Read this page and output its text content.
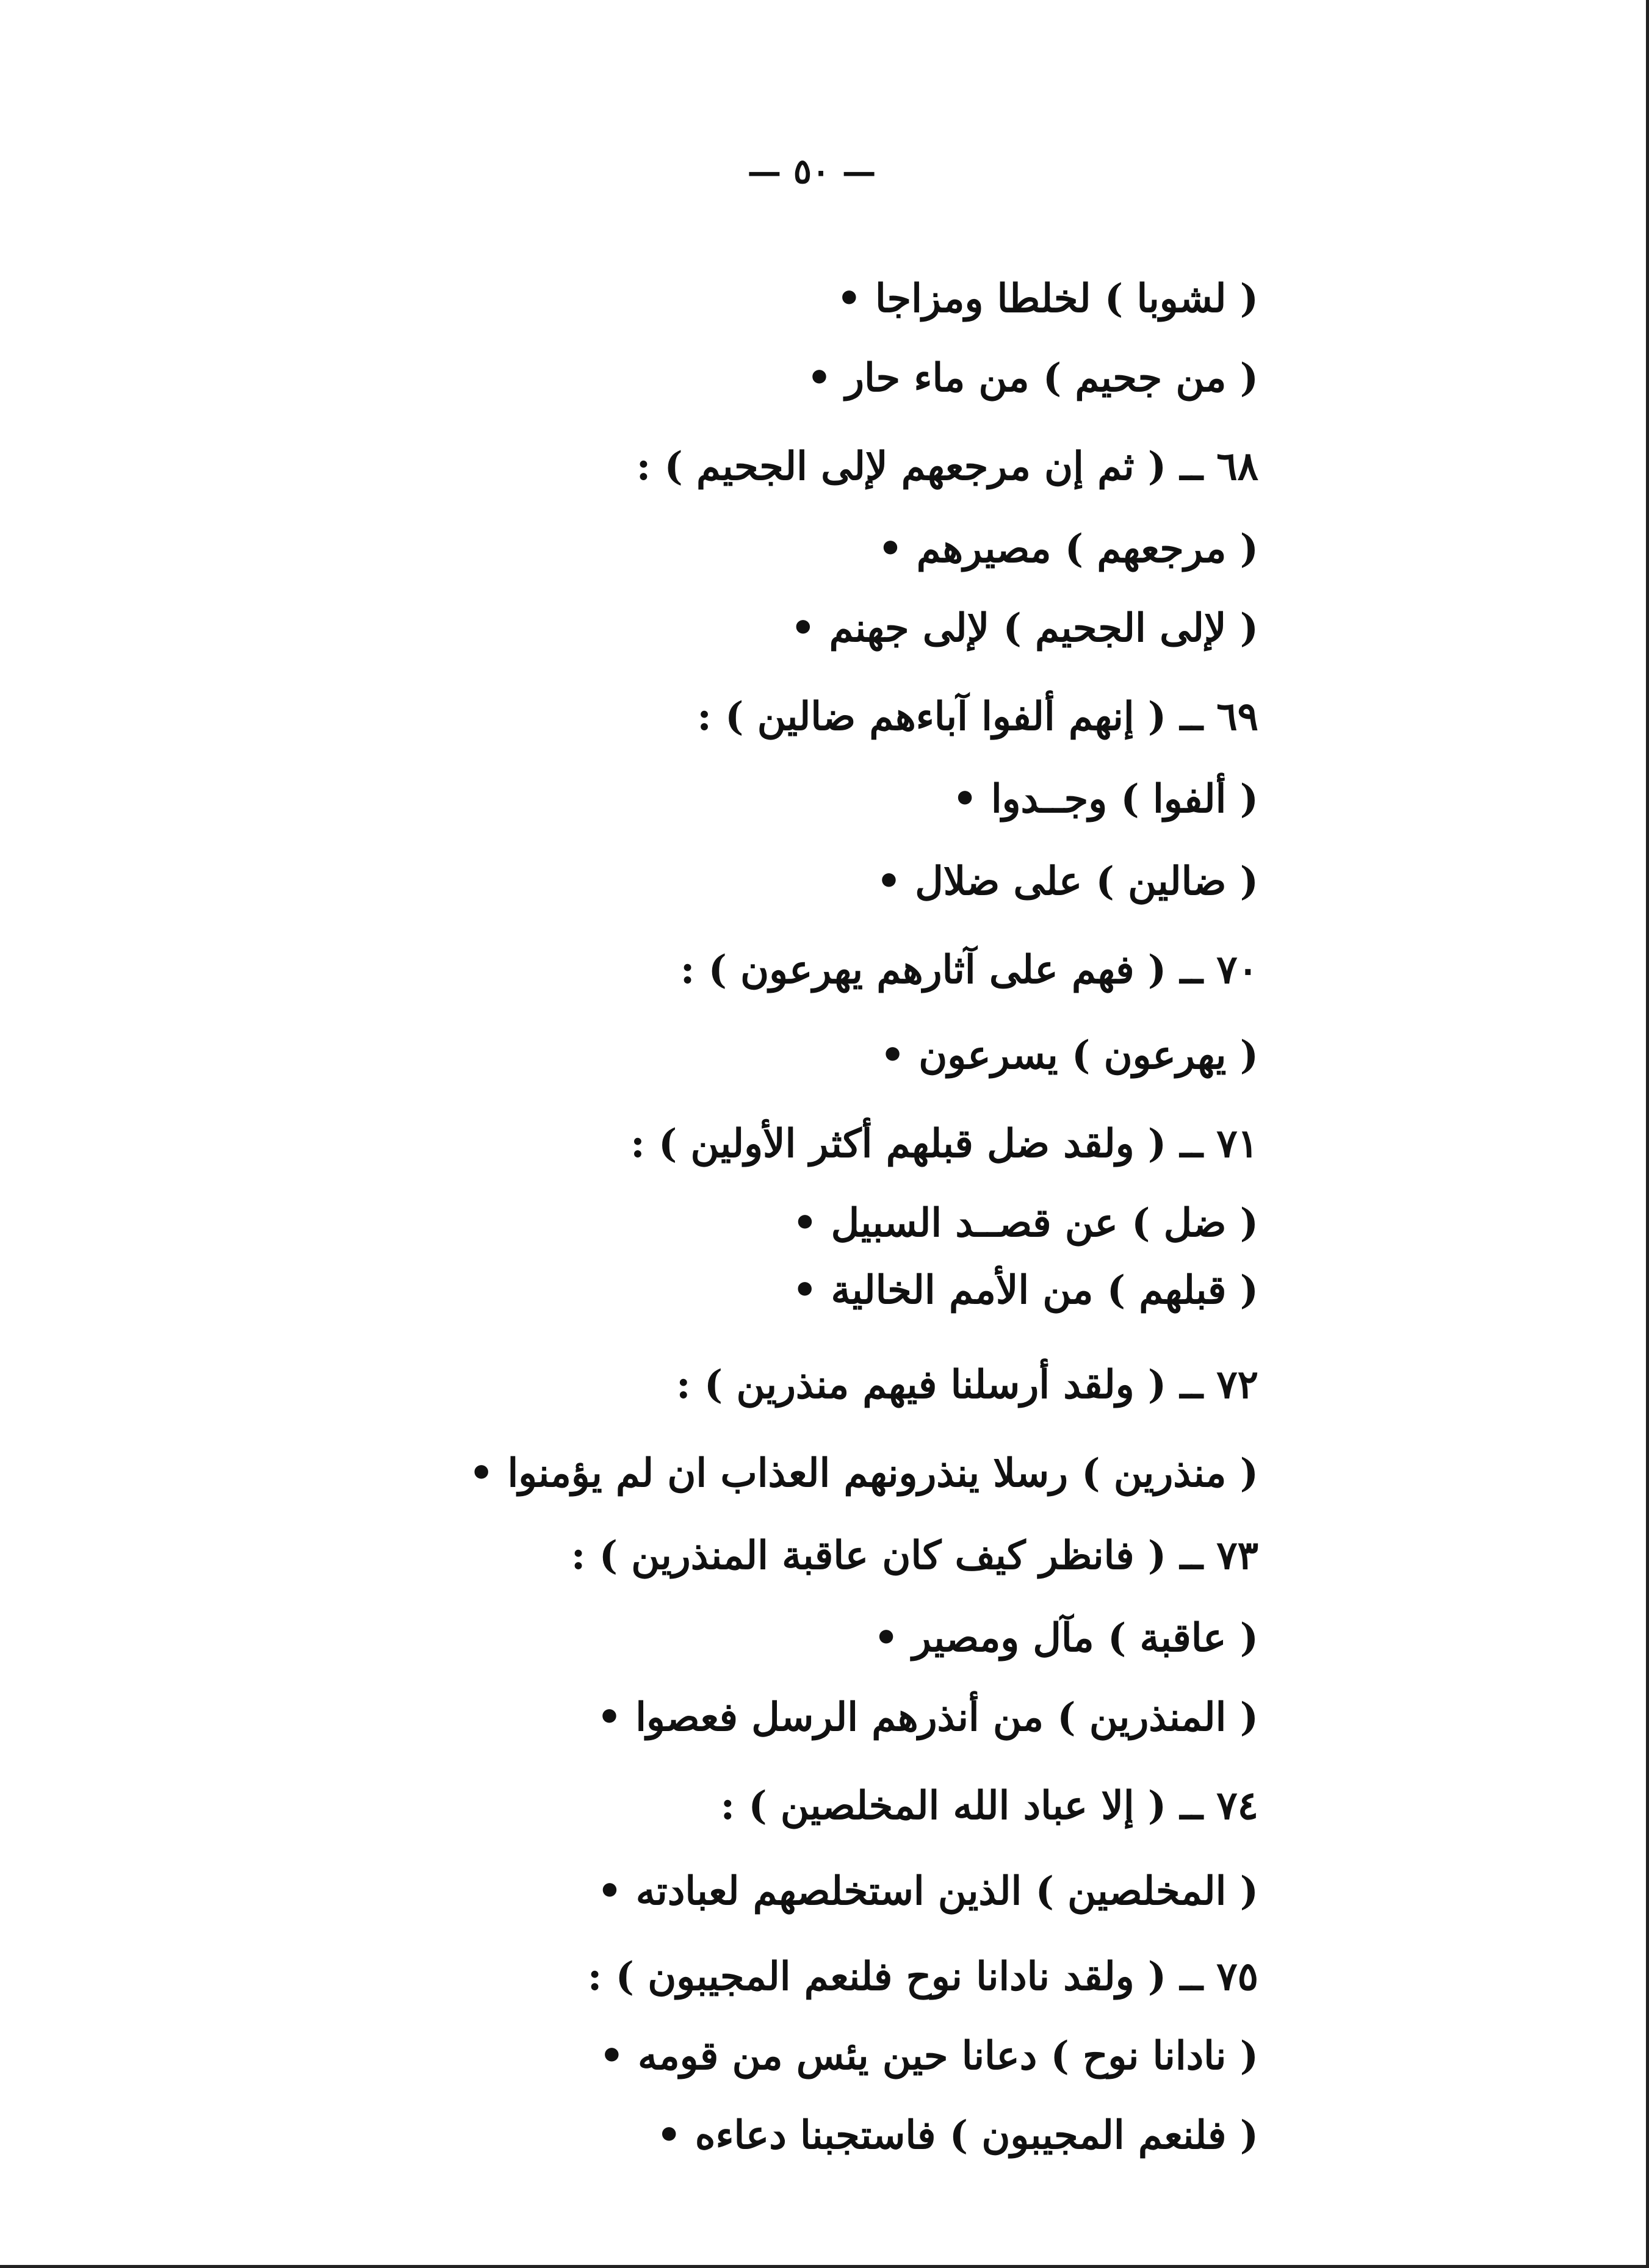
— ٥٠ —
( لشوبا ) لخلطا ومزاجا •
( من جحيم ) من ماء حار •
٦٨ ــ ( ثم إن مرجعهم لإلى الجحيم ) :
( مرجعهم ) مصيرهم •
( لإلى الجحيم ) لإلى جهنم •
٦٩ ــ ( إنهم ألفوا آباءهم ضالين ) :
( ألفوا ) وجــدوا •
( ضالين ) على ضلال •
٧٠ ــ ( فهم على آثارهم يهرعون ) :
( يهرعون ) يسرعون •
٧١ ــ ( ولقد ضل قبلهم أكثر الأولين ) :
( ضل ) عن قصــد السبيل •
( قبلهم ) من الأمم الخالية •
٧٢ ــ ( ولقد أرسلنا فيهم منذرين ) :
( منذرين ) رسلا ينذرونهم العذاب ان لم يؤمنوا •
٧٣ ــ ( فانظر كيف كان عاقبة المنذرين ) :
( عاقبة ) مآل ومصير •
( المنذرين ) من أنذرهم الرسل فعصوا •
٧٤ ــ ( إلا عباد الله المخلصين ) :
( المخلصين ) الذين استخلصهم لعبادته •
٧٥ ــ ( ولقد نادانا نوح فلنعم المجيبون ) :
( نادانا نوح ) دعانا حين يئس من قومه •
( فلنعم المجيبون ) فاستجبنا دعاءه •
